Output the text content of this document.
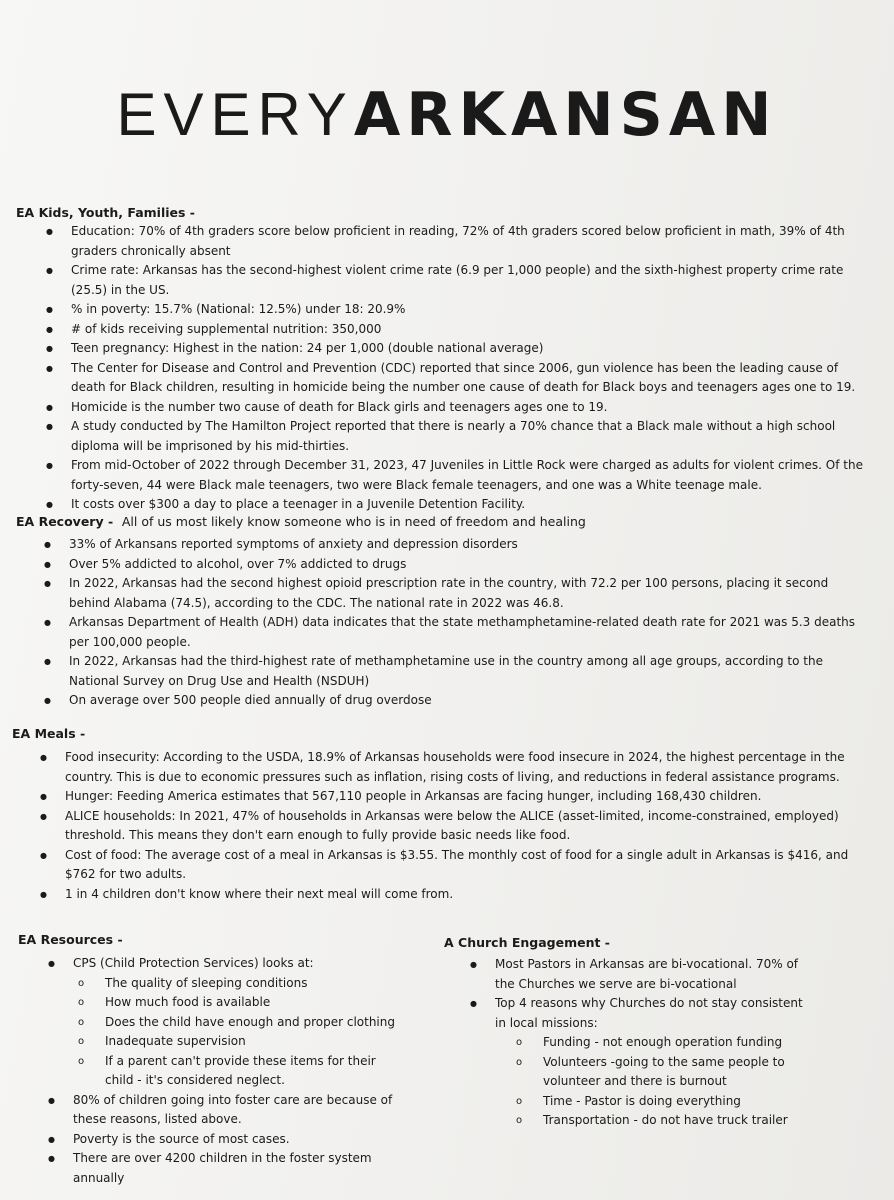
EVERYARKANSAN
EA Kids, Youth, Families -
● Education: 70% of 4th graders score below proficient in reading, 72% of 4th graders scored below proficient in math, 39% of 4th graders chronically absent
● Crime rate: Arkansas has the second-highest violent crime rate (6.9 per 1,000 people) and the sixth-highest property crime rate (25.5) in the US.
● % in poverty: 15.7% (National: 12.5%) under 18: 20.9%
● # of kids receiving supplemental nutrition: 350,000
● Teen pregnancy: Highest in the nation: 24 per 1,000 (double national average)
● The Center for Disease and Control and Prevention (CDC) reported that since 2006, gun violence has been the leading cause of death for Black children, resulting in homicide being the number one cause of death for Black boys and teenagers ages one to 19.
● Homicide is the number two cause of death for Black girls and teenagers ages one to 19.
● A study conducted by The Hamilton Project reported that there is nearly a 70% chance that a Black male without a high school diploma will be imprisoned by his mid-thirties.
● From mid-October of 2022 through December 31, 2023, 47 Juveniles in Little Rock were charged as adults for violent crimes. Of the forty-seven, 44 were Black male teenagers, two were Black female teenagers, and one was a White teenage male.
● It costs over $300 a day to place a teenager in a Juvenile Detention Facility.
EA Recovery - All of us most likely know someone who is in need of freedom and healing
● 33% of Arkansans reported symptoms of anxiety and depression disorders
● Over 5% addicted to alcohol, over 7% addicted to drugs
● In 2022, Arkansas had the second highest opioid prescription rate in the country, with 72.2 per 100 persons, placing it second behind Alabama (74.5), according to the CDC. The national rate in 2022 was 46.8.
● Arkansas Department of Health (ADH) data indicates that the state methamphetamine-related death rate for 2021 was 5.3 deaths per 100,000 people.
● In 2022, Arkansas had the third-highest rate of methamphetamine use in the country among all age groups, according to the National Survey on Drug Use and Health (NSDUH)
● On average over 500 people died annually of drug overdose
EA Meals -
● Food insecurity: According to the USDA, 18.9% of Arkansas households were food insecure in 2024, the highest percentage in the country. This is due to economic pressures such as inflation, rising costs of living, and reductions in federal assistance programs.
● Hunger: Feeding America estimates that 567,110 people in Arkansas are facing hunger, including 168,430 children.
● ALICE households: In 2021, 47% of households in Arkansas were below the ALICE (asset-limited, income-constrained, employed) threshold. This means they don't earn enough to fully provide basic needs like food.
● Cost of food: The average cost of a meal in Arkansas is $3.55. The monthly cost of food for a single adult in Arkansas is $416, and $762 for two adults.
● 1 in 4 children don't know where their next meal will come from.
EA Resources -
● CPS (Child Protection Services) looks at:
o The quality of sleeping conditions
o How much food is available
o Does the child have enough and proper clothing
o Inadequate supervision
o If a parent can't provide these items for their child - it's considered neglect.
● 80% of children going into foster care are because of these reasons, listed above.
● Poverty is the source of most cases.
● There are over 4200 children in the foster system annually
A Church Engagement -
● Most Pastors in Arkansas are bi-vocational. 70% of the Churches we serve are bi-vocational
● Top 4 reasons why Churches do not stay consistent in local missions:
o Funding - not enough operation funding
o Volunteers -going to the same people to volunteer and there is burnout
o Time - Pastor is doing everything
o Transportation - do not have truck trailer
